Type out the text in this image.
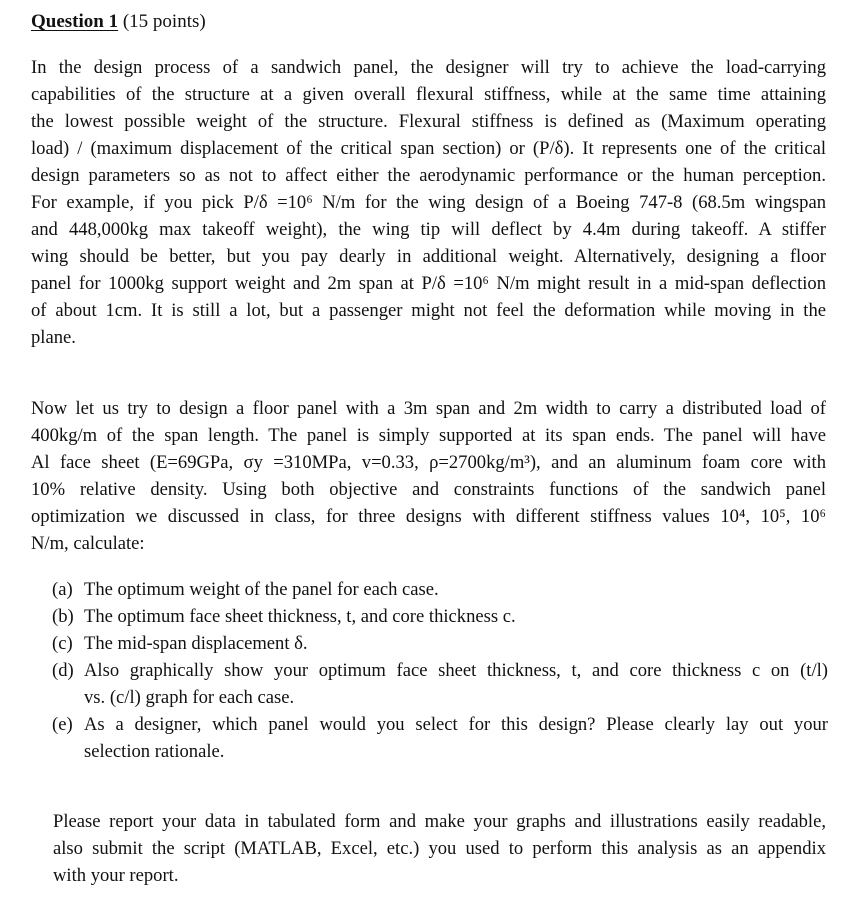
Question 1 (15 points)

In the design process of a sandwich panel, the designer will try to achieve the load-carrying
capabilities of the structure at a given overall flexural stiffness, while at the same time attaining
the lowest possible weight of the structure. Flexural stiffness is defined as (Maximum operating
load) / (maximum displacement of the critical span section) or (P/δ). It represents one of the critical
design parameters so as not to affect either the aerodynamic performance or the human perception.
For example, if you pick P/δ =10⁶ N/m for the wing design of a Boeing 747-8 (68.5m wingspan
and 448,000kg max takeoff weight), the wing tip will deflect by 4.4m during takeoff. A stiffer
wing should be better, but you pay dearly in additional weight. Alternatively, designing a floor
panel for 1000kg support weight and 2m span at P/δ =10⁶ N/m might result in a mid-span deflection
of about 1cm. It is still a lot, but a passenger might not feel the deformation while moving in the
plane.

Now let us try to design a floor panel with a 3m span and 2m width to carry a distributed load of
400kg/m of the span length. The panel is simply supported at its span ends. The panel will have
Al face sheet (E=69GPa, σy =310MPa, v=0.33, ρ=2700kg/m³), and an aluminum foam core with
10% relative density. Using both objective and constraints functions of the sandwich panel
optimization we discussed in class, for three designs with different stiffness values 10⁴, 10⁵, 10⁶
N/m, calculate:

(a) The optimum weight of the panel for each case.
(b) The optimum face sheet thickness, t, and core thickness c.
(c) The mid-span displacement δ.
(d) Also graphically show your optimum face sheet thickness, t, and core thickness c on (t/l)
vs. (c/l) graph for each case.
(e) As a designer, which panel would you select for this design? Please clearly lay out your
selection rationale.

Please report your data in tabulated form and make your graphs and illustrations easily readable,
also submit the script (MATLAB, Excel, etc.) you used to perform this analysis as an appendix
with your report.
